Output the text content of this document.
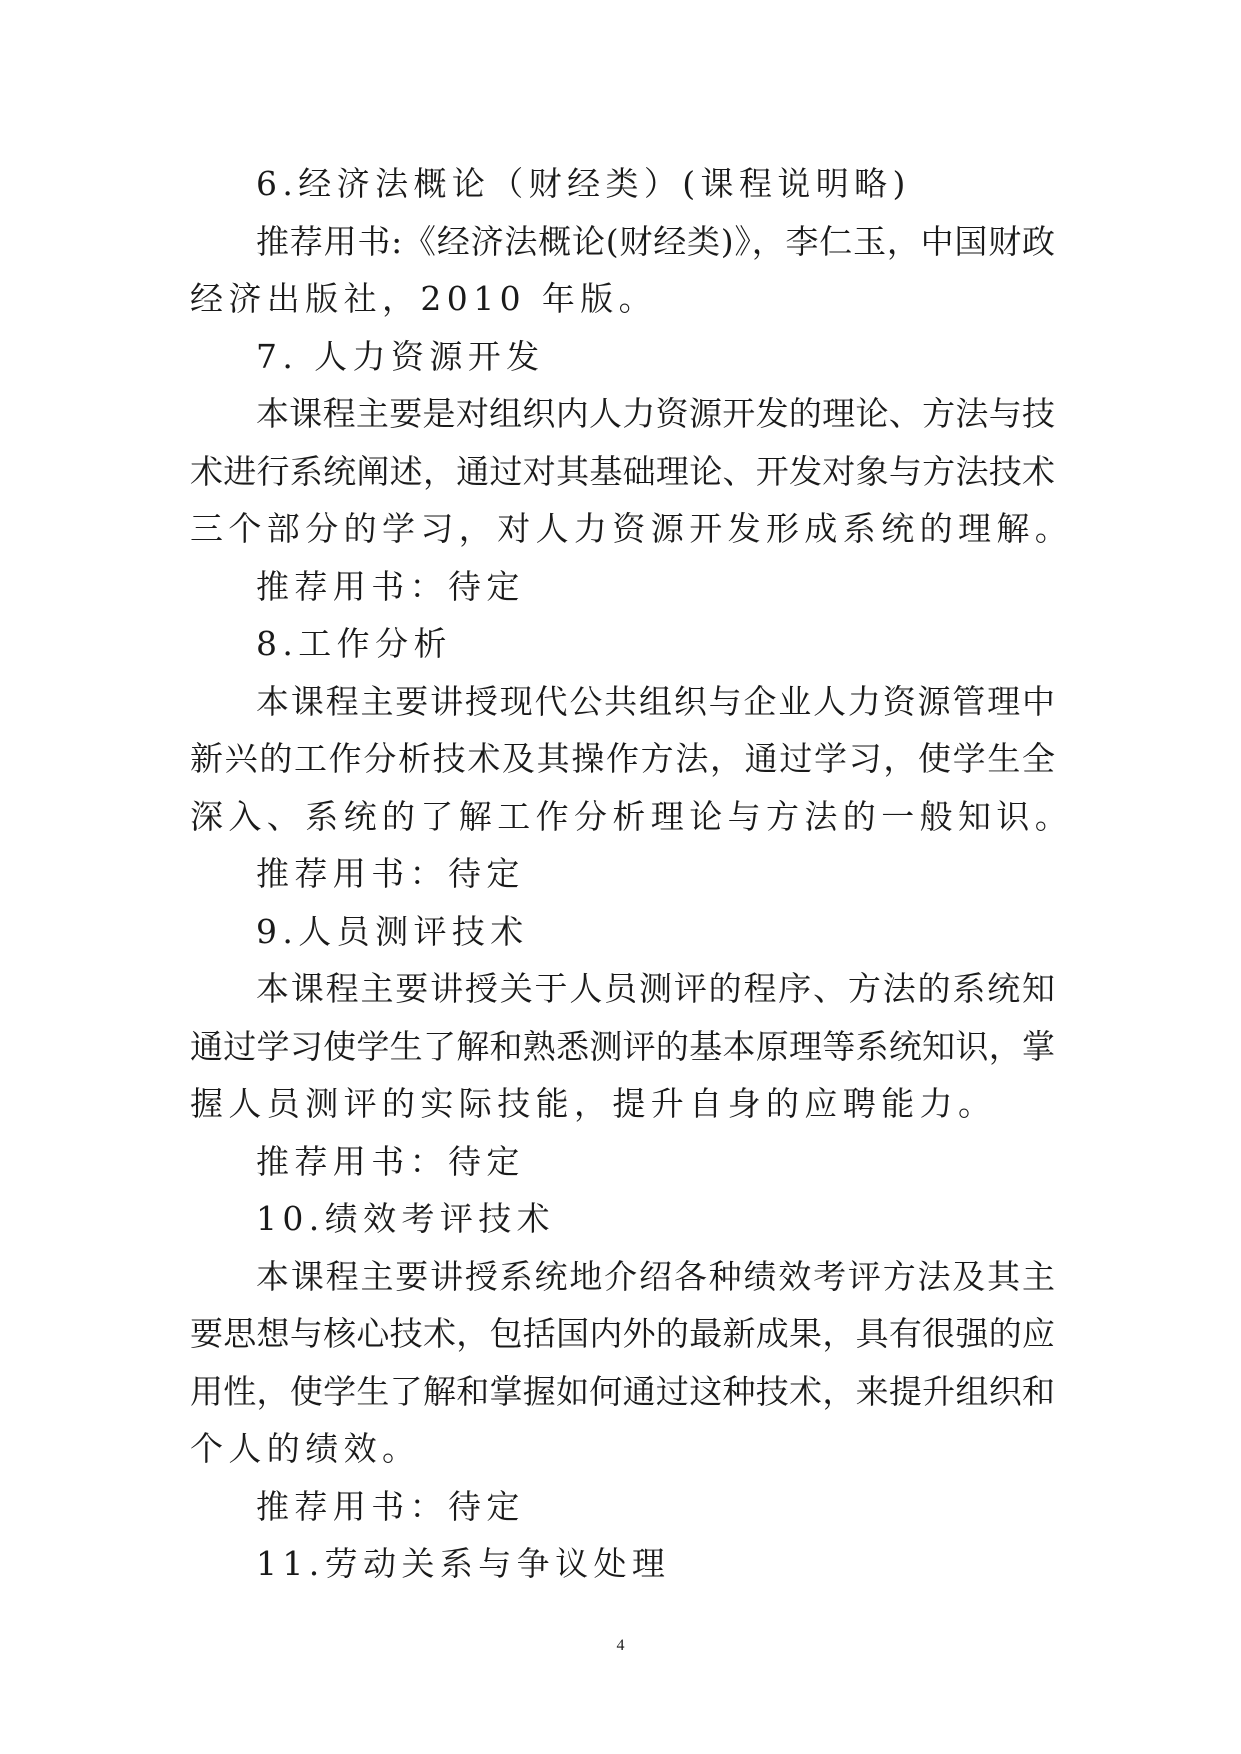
6.经济法概论（财经类）(课程说明略)
推荐用书:《经济法概论(财经类)》，李仁玉，中国财政
经济出版社，2010 年版。
7. 人力资源开发
本课程主要是对组织内人力资源开发的理论、方法与技
术进行系统阐述，通过对其基础理论、开发对象与方法技术
三个部分的学习，对人力资源开发形成系统的理解。
推荐用书：待定
8.工作分析
本课程主要讲授现代公共组织与企业人力资源管理中
新兴的工作分析技术及其操作方法，通过学习，使学生全
深入、系统的了解工作分析理论与方法的一般知识。
推荐用书：待定
9.人员测评技术
本课程主要讲授关于人员测评的程序、方法的系统知
通过学习使学生了解和熟悉测评的基本原理等系统知识，掌
握人员测评的实际技能，提升自身的应聘能力。
推荐用书：待定
10.绩效考评技术
本课程主要讲授系统地介绍各种绩效考评方法及其主
要思想与核心技术，包括国内外的最新成果，具有很强的应
用性，使学生了解和掌握如何通过这种技术，来提升组织和
个人的绩效。
推荐用书：待定
11.劳动关系与争议处理
4
